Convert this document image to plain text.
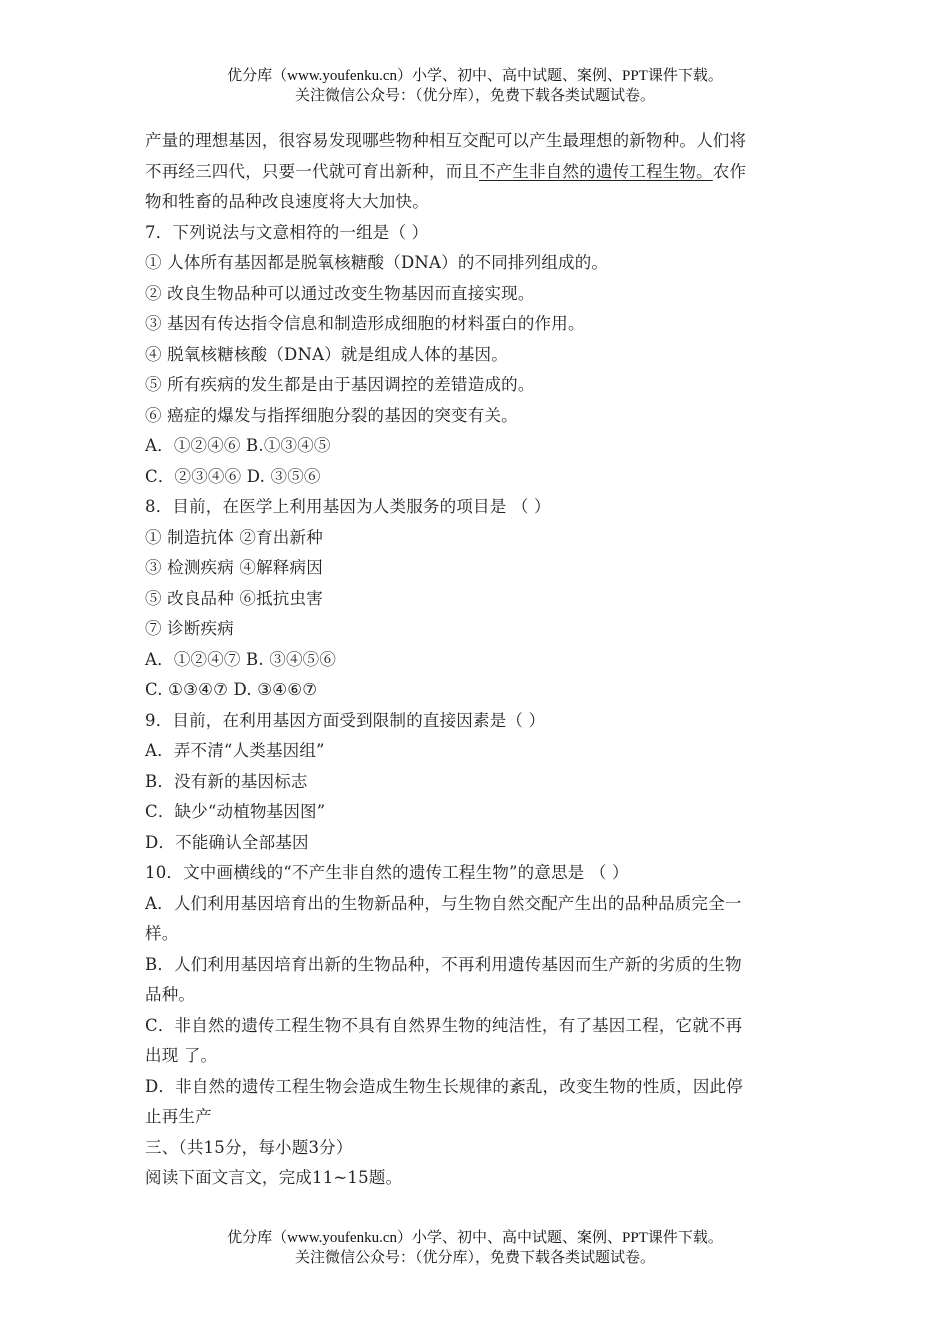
优分库（www.youfenku.cn）小学、初中、高中试题、案例、PPT课件下载。
关注微信公众号：（优分库），免费下载各类试题试卷。
产量的理想基因，很容易发现哪些物种相互交配可以产生最理想的新物种。人们将
不再经三四代，只要一代就可育出新种，而且不产生非自然的遗传工程生物。农作
物和牲畜的品种改良速度将大大加快。
7．下列说法与文意相符的一组是（ ）
① 人体所有基因都是脱氧核糖酸（DNA）的不同排列组成的。
② 改良生物品种可以通过改变生物基因而直接实现。
③ 基因有传达指令信息和制造形成细胞的材料蛋白的作用。
④ 脱氧核糖核酸（DNA）就是组成人体的基因。
⑤ 所有疾病的发生都是由于基因调控的差错造成的。
⑥ 癌症的爆发与指挥细胞分裂的基因的突变有关。
A．①②④⑥ B.①③④⑤
C．②③④⑥ D. ③⑤⑥
8．目前，在医学上利用基因为人类服务的项目是 （ ）
① 制造抗体 ②育出新种
③ 检测疾病 ④解释病因
⑤ 改良品种 ⑥抵抗虫害
⑦ 诊断疾病
A．①②④⑦ B. ③④⑤⑥
C. ①③④⑦ D. ③④⑥⑦
9．目前，在利用基因方面受到限制的直接因素是（ ）
A．弄不清“人类基因组”
B．没有新的基因标志
C．缺少“动植物基因图”
D．不能确认全部基因
10．文中画横线的“不产生非自然的遗传工程生物”的意思是 （ ）
A．人们利用基因培育出的生物新品种，与生物自然交配产生出的品种品质完全一
样。
B．人们利用基因培育出新的生物品种，不再利用遗传基因而生产新的劣质的生物
品种。
C．非自然的遗传工程生物不具有自然界生物的纯洁性，有了基因工程，它就不再
出现 了。
D．非自然的遗传工程生物会造成生物生长规律的紊乱，改变生物的性质，因此停
止再生产
三、（共15分，每小题3分）
阅读下面文言文，完成11~15题。
优分库（www.youfenku.cn）小学、初中、高中试题、案例、PPT课件下载。
关注微信公众号：（优分库），免费下载各类试题试卷。
